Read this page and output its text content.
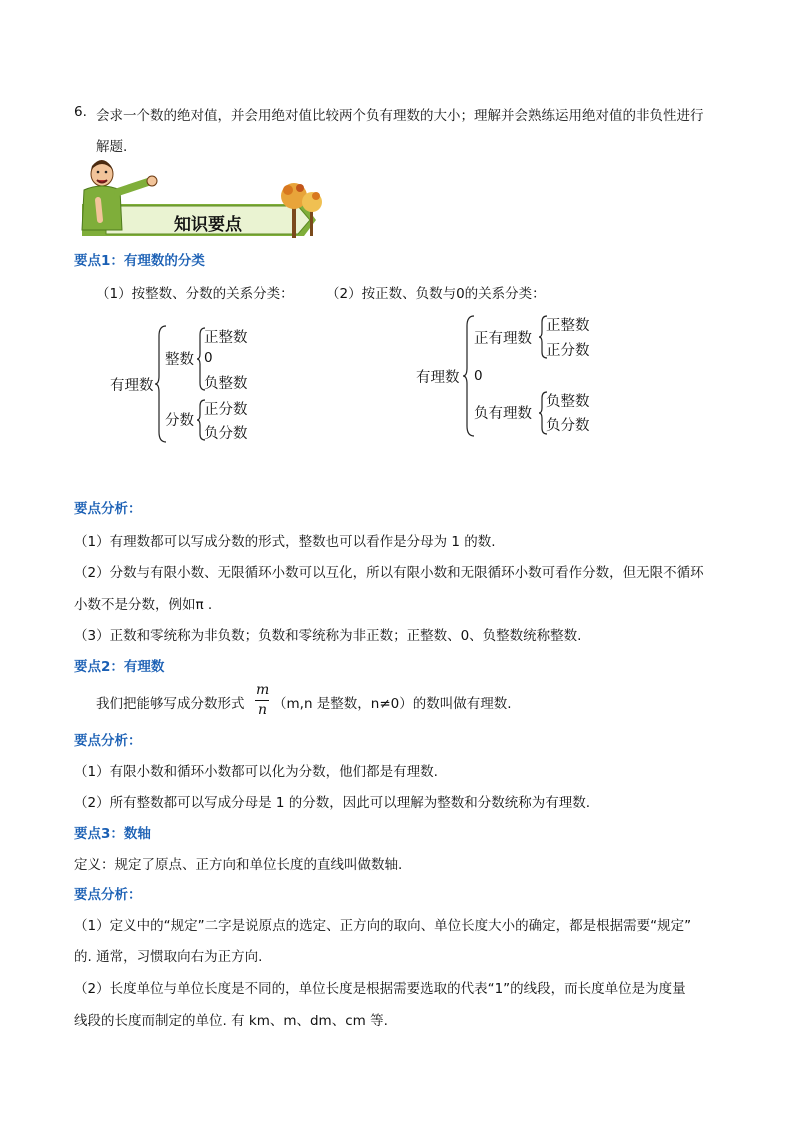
6. 会求一个数的绝对值，并会用绝对值比较两个负有理数的大小；理解并会熟练运用绝对值的非负性进行
解题.
知识要点
要点1：有理数的分类
（1）按整数、分数的关系分类： （2）按正数、负数与0的关系分类：
有理数
整数
正整数
0
负整数
分数
正分数
负分数
有理数
正有理数
正整数
正分数
0
负有理数
负整数
负分数
要点分析：
（1）有理数都可以写成分数的形式，整数也可以看作是分母为 1 的数.
（2）分数与有限小数、无限循环小数可以互化，所以有限小数和无限循环小数可看作分数，但无限不循环
小数不是分数，例如π .
（3）正数和零统称为非负数；负数和零统称为非正数；正整数、0、负整数统称整数.
要点2：有理数
我们把能够写成分数形式
m
n （m,n 是整数，n≠0）的数叫做有理数.
要点分析：
（1）有限小数和循环小数都可以化为分数，他们都是有理数.
（2）所有整数都可以写成分母是 1 的分数，因此可以理解为整数和分数统称为有理数.
要点3：数轴
定义：规定了原点、正方向和单位长度的直线叫做数轴.
要点分析：
（1）定义中的“规定”二字是说原点的选定、正方向的取向、单位长度大小的确定，都是根据需要“规定”
的. 通常，习惯取向右为正方向.
（2）长度单位与单位长度是不同的，单位长度是根据需要选取的代表“1”的线段，而长度单位是为度量
线段的长度而制定的单位. 有 km、m、dm、cm 等.
